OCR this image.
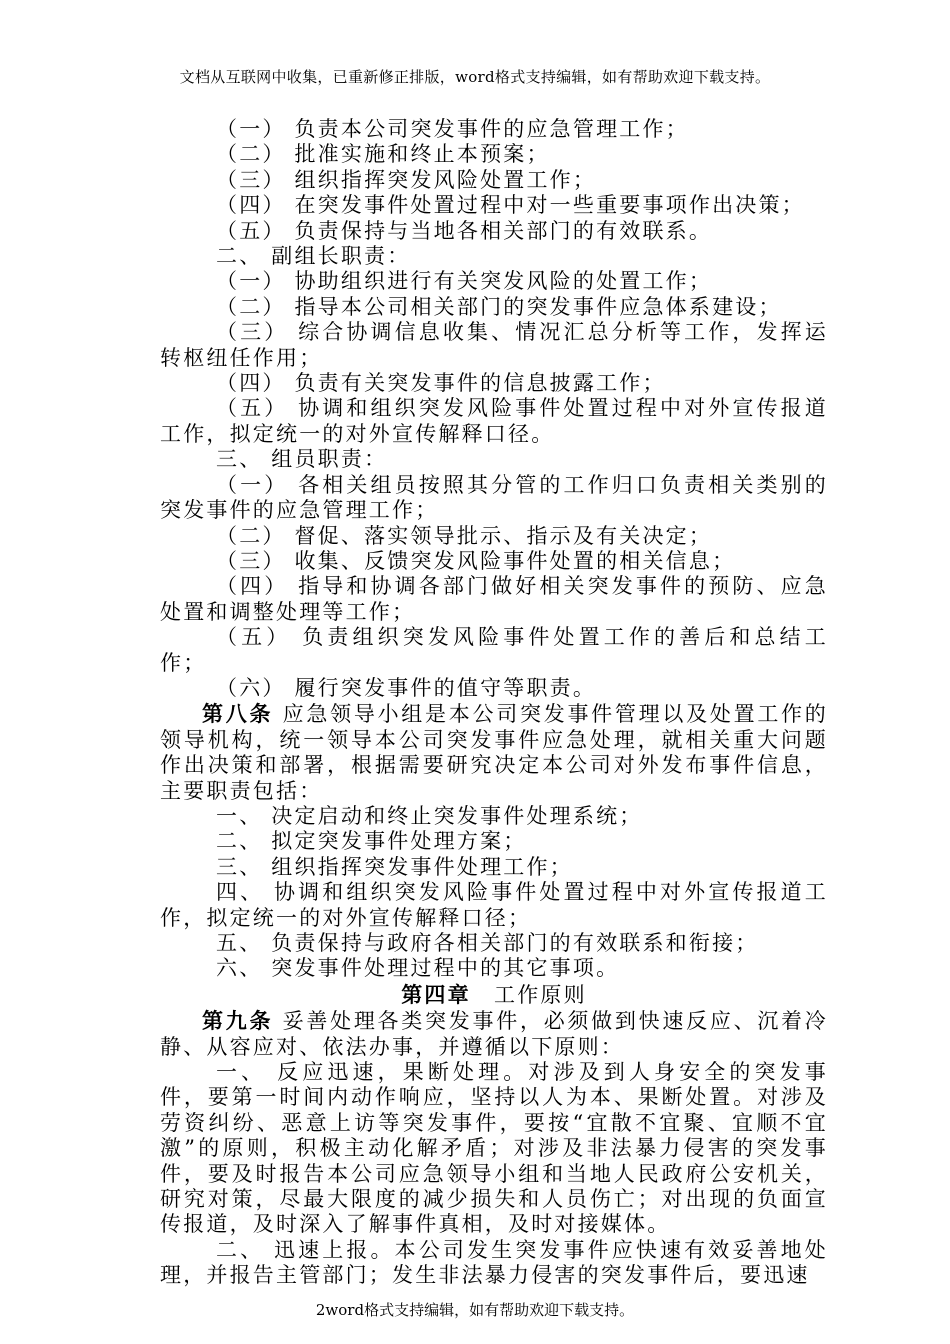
文档从互联网中收集，已重新修正排版，word格式支持编辑，如有帮助欢迎下载支持。

（一） 负责本公司突发事件的应急管理工作；

（二） 批准实施和终止本预案；

（三） 组织指挥突发风险处置工作；

（四） 在突发事件处置过程中对一些重要事项作出决策；

（五） 负责保持与当地各相关部门的有效联系。

二、 副组长职责：

（一） 协助组织进行有关突发风险的处置工作；

（二） 指导本公司相关部门的突发事件应急体系建设；

（三） 综合协调信息收集、情况汇总分析等工作，发挥运转枢纽任作用；

（四） 负责有关突发事件的信息披露工作；

（五） 协调和组织突发风险事件处置过程中对外宣传报道工作，拟定统一的对外宣传解释口径。

三、 组员职责：

（一） 各相关组员按照其分管的工作归口负责相关类别的突发事件的应急管理工作；

（二） 督促、落实领导批示、指示及有关决定；

（三） 收集、反馈突发风险事件处置的相关信息；

（四） 指导和协调各部门做好相关突发事件的预防、应急处置和调整处理等工作；

（五） 负责组织突发风险事件处置工作的善后和总结工作；

（六） 履行突发事件的值守等职责。

第八条 应急领导小组是本公司突发事件管理以及处置工作的领导机构，统一领导本公司突发事件应急处理，就相关重大问题作出决策和部署，根据需要研究决定本公司对外发布事件信息，主要职责包括：

一、 决定启动和终止突发事件处理系统；

二、 拟定突发事件处理方案；

三、 组织指挥突发事件处理工作；

四、 协调和组织突发风险事件处置过程中对外宣传报道工作，拟定统一的对外宣传解释口径；

五、 负责保持与政府各相关部门的有效联系和衔接；

六、 突发事件处理过程中的其它事项。

第四章　 工作原则

第九条 妥善处理各类突发事件，必须做到快速反应、沉着冷静、从容应对、依法办事，并遵循以下原则：

一、 反应迅速，果断处理。对涉及到人身安全的突发事件，要第一时间内动作响应，坚持以人为本、果断处置。对涉及劳资纠纷、恶意上访等突发事件，要按“宜散不宜聚、宜顺不宜激”的原则，积极主动化解矛盾；对涉及非法暴力侵害的突发事件，要及时报告本公司应急领导小组和当地人民政府公安机关，研究对策，尽最大限度的减少损失和人员伤亡；对出现的负面宣传报道，及时深入了解事件真相，及时对接媒体。

二、 迅速上报。本公司发生突发事件应快速有效妥善地处理，并报告主管部门；发生非法暴力侵害的突发事件后，要迅速

2word格式支持编辑，如有帮助欢迎下载支持。
